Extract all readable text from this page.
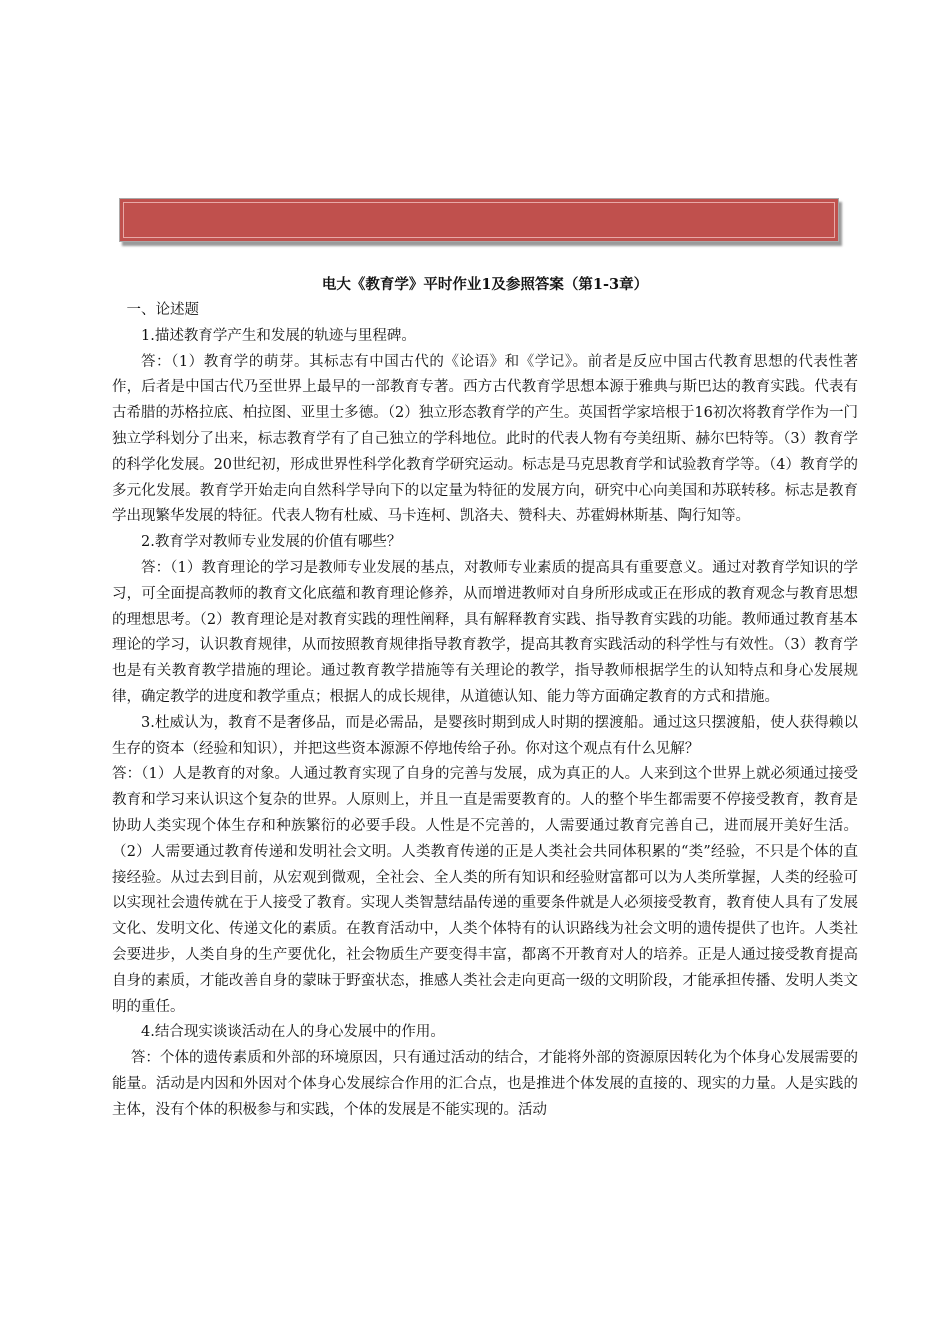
电大《教育学》平时作业1及参照答案（第1-3章）

一、论述题

1.描述教育学产生和发展的轨迹与里程碑。

答：（1）教育学的萌芽。其标志有中国古代的《论语》和《学记》。前者是反应中国古代教育思想的代表性著作，后者是中国古代乃至世界上最早的一部教育专著。西方古代教育学思想本源于雅典与斯巴达的教育实践。代表有古希腊的苏格拉底、柏拉图、亚里士多德。（2）独立形态教育学的产生。英国哲学家培根于16初次将教育学作为一门独立学科划分了出来，标志教育学有了自己独立的学科地位。此时的代表人物有夸美纽斯、赫尔巴特等。（3）教育学的科学化发展。20世纪初，形成世界性科学化教育学研究运动。标志是马克思教育学和试验教育学等。（4）教育学的多元化发展。教育学开始走向自然科学导向下的以定量为特征的发展方向，研究中心向美国和苏联转移。标志是教育学出现繁华发展的特征。代表人物有杜威、马卡连柯、凯洛夫、赞科夫、苏霍姆林斯基、陶行知等。

2.教育学对教师专业发展的价值有哪些？

答：（1）教育理论的学习是教师专业发展的基点，对教师专业素质的提高具有重要意义。通过对教育学知识的学习，可全面提高教师的教育文化底蕴和教育理论修养，从而增进教师对自身所形成或正在形成的教育观念与教育思想的理想思考。（2）教育理论是对教育实践的理性阐释，具有解释教育实践、指导教育实践的功能。教师通过教育基本理论的学习，认识教育规律，从而按照教育规律指导教育教学，提高其教育实践活动的科学性与有效性。（3）教育学也是有关教育教学措施的理论。通过教育教学措施等有关理论的教学，指导教师根据学生的认知特点和身心发展规律，确定教学的进度和教学重点；根据人的成长规律，从道德认知、能力等方面确定教育的方式和措施。

3.杜威认为，教育不是奢侈品，而是必需品，是婴孩时期到成人时期的摆渡船。通过这只摆渡船，使人获得赖以生存的资本（经验和知识），并把这些资本源源不停地传给子孙。你对这个观点有什么见解？

答：（1）人是教育的对象。人通过教育实现了自身的完善与发展，成为真正的人。人来到这个世界上就必须通过接受教育和学习来认识这个复杂的世界。人原则上，并且一直是需要教育的。人的整个毕生都需要不停接受教育，教育是协助人类实现个体生存和种族繁衍的必要手段。人性是不完善的，人需要通过教育完善自己，进而展开美好生活。（2）人需要通过教育传递和发明社会文明。人类教育传递的正是人类社会共同体积累的“类”经验，不只是个体的直接经验。从过去到目前，从宏观到微观，全社会、全人类的所有知识和经验财富都可以为人类所掌握，人类的经验可以实现社会遗传就在于人接受了教育。实现人类智慧结晶传递的重要条件就是人必须接受教育，教育使人具有了发展文化、发明文化、传递文化的素质。在教育活动中，人类个体特有的认识路线为社会文明的遗传提供了也许。人类社会要进步，人类自身的生产要优化，社会物质生产要变得丰富，都离不开教育对人的培养。正是人通过接受教育提高自身的素质，才能改善自身的蒙昧于野蛮状态，推感人类社会走向更高一级的文明阶段，才能承担传播、发明人类文明的重任。

4.结合现实谈谈活动在人的身心发展中的作用。

答：个体的遗传素质和外部的环境原因，只有通过活动的结合，才能将外部的资源原因转化为个体身心发展需要的能量。活动是内因和外因对个体身心发展综合作用的汇合点，也是推进个体发展的直接的、现实的力量。人是实践的主体，没有个体的积极参与和实践，个体的发展是不能实现的。活动
